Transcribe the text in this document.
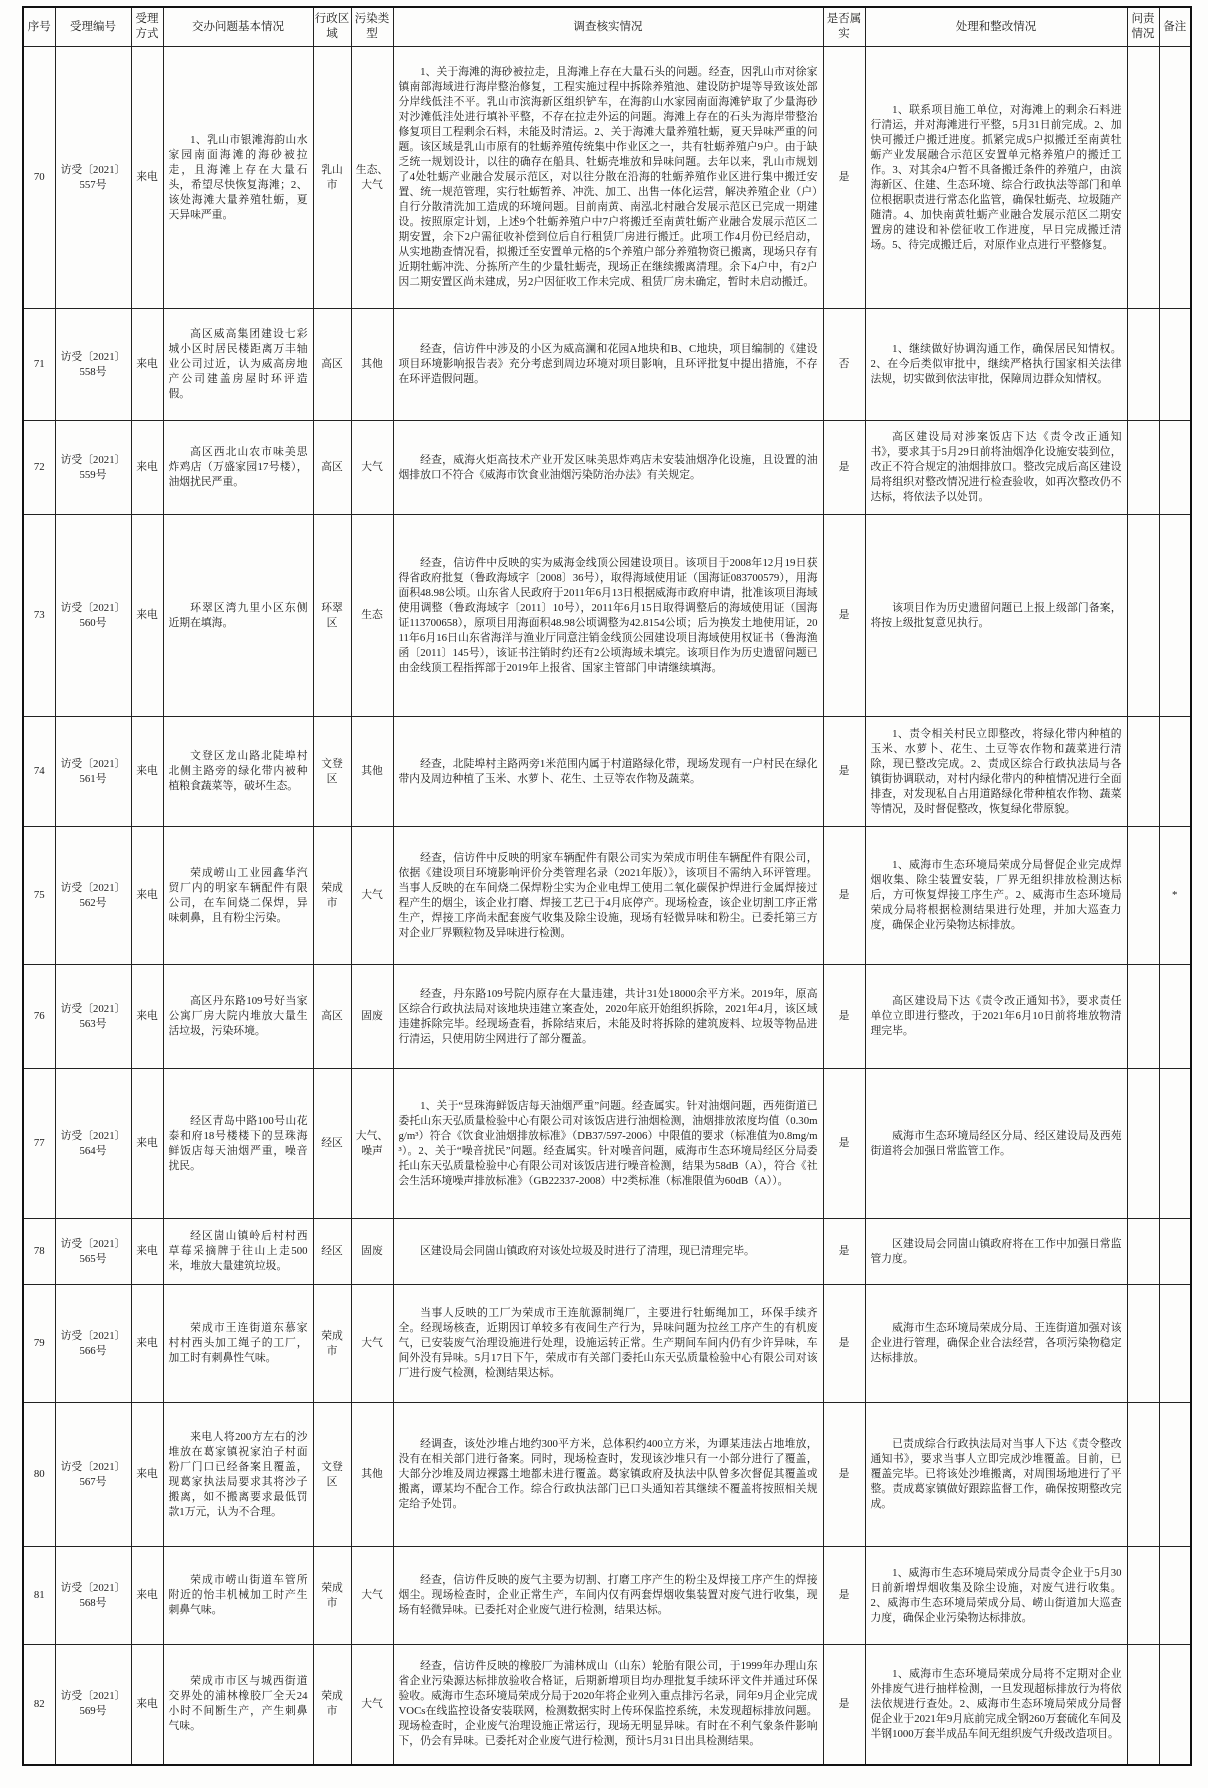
序号	受理编号	受理方式	交办问题基本情况	行政区域	污染类型	调查核实情况	是否属实	处理和整改情况	问责情况	备注
70	访受〔2021〕557号	来电	1、乳山市银滩海韵山水家园南面海滩的海砂被拉走，且海滩上存在大量石头，希望尽快恢复海滩；2、该处海滩大量养殖牡蛎，夏天异味严重。	乳山市	生态、大气	1、关于海滩的海砂被拉走，且海滩上存在大量石头的问题。经查，因乳山市对徐家镇南部海域进行海岸整治修复，工程实施过程中拆除养殖池、建设防护堤等导致该处部分岸线低洼不平。乳山市滨海新区组织铲车，在海韵山水家园南面海滩铲取了少量海砂对沙滩低洼处进行填补平整，不存在拉走外运的问题。海滩上存在的石头为海岸带整治修复项目工程剩余石料，未能及时清运。2、关于海滩大量养殖牡蛎，夏天异味严重的问题。该区域是乳山市原有的牡蛎养殖传统集中作业区之一，共有牡蛎养殖户9户。由于缺乏统一规划设计，以往的确存在船具、牡蛎壳堆放和异味问题。去年以来，乳山市规划了4处牡蛎产业融合发展示范区，对以往分散在沿海的牡蛎养殖作业区进行集中搬迁安置、统一规范管理，实行牡蛎暂养、冲洗、加工、出售一体化运营，解决养殖企业（户）自行分散清洗加工造成的环境问题。目前南黄、南泓北村融合发展示范区已完成一期建设。按照原定计划，上述9个牡蛎养殖户中7户将搬迁至南黄牡蛎产业融合发展示范区二期安置，余下2户需征收补偿到位后自行租赁厂房进行搬迁。此项工作4月份已经启动，从实地勘查情况看，拟搬迁至安置单元格的5个养殖户部分养殖物资已搬离，现场只存有近期牡蛎冲洗、分拣所产生的少量牡蛎壳，现场正在继续搬离清理。余下4户中，有2户因二期安置区尚未建成，另2户因征收工作未完成、租赁厂房未确定，暂时未启动搬迁。	是	1、联系项目施工单位，对海滩上的剩余石料进行清运，并对海滩进行平整，5月31日前完成。2、加快可搬迁户搬迁进度。抓紧完成5户拟搬迁至南黄牡蛎产业发展融合示范区安置单元格养殖户的搬迁工作。3、对其余4户暂不具备搬迁条件的养殖户，由滨海新区、住建、生态环境、综合行政执法等部门和单位根据职责进行常态化监管，确保牡蛎壳、垃圾随产随清。4、加快南黄牡蛎产业融合发展示范区二期安置房的建设和补偿征收工作进度，早日完成搬迁清场。5、待完成搬迁后，对原作业点进行平整修复。		
71	访受〔2021〕558号	来电	高区威高集团建设七彩城小区时居民楼距离万丰轴业公司过近，认为威高房地产公司建盖房屋时环评造假。	高区	其他	经查，信访件中涉及的小区为威高澜和花园A地块和B、C地块，项目编制的《建设项目环境影响报告表》充分考虑到周边环境对项目影响，且环评批复中提出措施，不存在环评造假问题。	否	1、继续做好协调沟通工作，确保居民知情权。2、在今后类似审批中，继续严格执行国家相关法律法规，切实做到依法审批，保障周边群众知情权。		
72	访受〔2021〕559号	来电	高区西北山农市味美思炸鸡店（万盛家园17号楼），油烟扰民严重。	高区	大气	经查，威海火炬高技术产业开发区味美思炸鸡店未安装油烟净化设施，且设置的油烟排放口不符合《威海市饮食业油烟污染防治办法》有关规定。	是	高区建设局对涉案饭店下达《责令改正通知书》，要求其于5月29日前将油烟净化设施安装到位，改正不符合规定的油烟排放口。整改完成后高区建设局将组织对整改情况进行检查验收，如再次整改仍不达标，将依法予以处罚。		
73	访受〔2021〕560号	来电	环翠区湾九里小区东侧近期在填海。	环翠区	生态	经查，信访件中反映的实为威海金线顶公园建设项目。该项目于2008年12月19日获得省政府批复（鲁政海域字〔2008〕36号），取得海域使用证（国海证083700579），用海面积48.98公顷。山东省人民政府于2011年6月13日根据威海市政府申请，批准该项目海域使用调整（鲁政海域字〔2011〕10号），2011年6月15日取得调整后的海域使用证（国海证113700658），原项目用海面积48.98公顷调整为42.8154公顷；后为换发土地使用证，2011年6月16日山东省海洋与渔业厅同意注销金线顶公园建设项目海域使用权证书（鲁海渔函〔2011〕145号），该证书注销时约还有2公顷海域未填完。该项目作为历史遗留问题已由金线顶工程指挥部于2019年上报省、国家主管部门申请继续填海。	是	该项目作为历史遗留问题已上报上级部门备案，将按上级批复意见执行。		
74	访受〔2021〕561号	来电	文登区龙山路北陡埠村北侧主路旁的绿化带内被种植粮食蔬菜等，破坏生态。	文登区	其他	经查，北陡埠村主路两旁1米范围内属于村道路绿化带，现场发现有一户村民在绿化带内及周边种植了玉米、水萝卜、花生、土豆等农作物及蔬菜。	是	1、责令相关村民立即整改，将绿化带内种植的玉米、水萝卜、花生、土豆等农作物和蔬菜进行清除，现已整改完成。2、责成区综合行政执法局与各镇街协调联动，对村内绿化带内的种植情况进行全面排查，对发现私自占用道路绿化带种植农作物、蔬菜等情况，及时督促整改，恢复绿化带原貌。		
75	访受〔2021〕562号	来电	荣成崂山工业园鑫华汽贸厂内的明家车辆配件有限公司，在车间烧二保焊，异味刺鼻，且有粉尘污染。	荣成市	大气	经查，信访件中反映的明家车辆配件有限公司实为荣成市明佳车辆配件有限公司，依据《建设项目环境影响评价分类管理名录（2021年版）》，该项目不需纳入环评管理。当事人反映的在车间烧二保焊粉尘实为企业电焊工使用二氧化碳保护焊进行金属焊接过程产生的烟尘，该企业打磨、焊接工艺已于4月底停产。现场检查，该企业切割工序正常生产，焊接工序尚未配套废气收集及除尘设施，现场有轻微异味和粉尘。已委托第三方对企业厂界颗粒物及异味进行检测。	是	1、威海市生态环境局荣成分局督促企业完成焊烟收集、除尘装置安装，厂界无组织排放检测达标后，方可恢复焊接工序生产。2、威海市生态环境局荣成分局将根据检测结果进行处理，并加大巡查力度，确保企业污染物达标排放。		*
76	访受〔2021〕563号	来电	高区丹东路109号好当家公寓厂房大院内堆放大量生活垃圾，污染环境。	高区	固废	经查，丹东路109号院内原存在大量违建，共计31处18000余平方米。2019年，原高区综合行政执法局对该地块违建立案查处，2020年底开始组织拆除，2021年4月，该区域违建拆除完毕。经现场查看，拆除结束后，未能及时将拆除的建筑废料、垃圾等物品进行清运，只使用防尘网进行了部分覆盖。	是	高区建设局下达《责令改正通知书》，要求责任单位立即进行整改，于2021年6月10日前将堆放物清理完毕。		
77	访受〔2021〕564号	来电	经区青岛中路100号山花泰和府18号楼楼下的昱珠海鲜饭店每天油烟严重，噪音扰民。	经区	大气、噪声	1、关于“昱珠海鲜饭店每天油烟严重”问题。经查属实。针对油烟问题，西苑街道已委托山东天弘质量检验中心有限公司对该饭店进行油烟检测，油烟排放浓度均值（0.30mg/m³）符合《饮食业油烟排放标准》（DB37/597-2006）中限值的要求（标准值为0.8mg/m³）。2、关于“噪音扰民”问题。经查属实。针对噪音问题，威海市生态环境局经区分局委托山东天弘质量检验中心有限公司对该饭店进行噪音检测，结果为58dB（A），符合《社会生活环境噪声排放标准》（GB22337-2008）中2类标准（标准限值为60dB（A））。	是	威海市生态环境局经区分局、经区建设局及西苑街道将会加强日常监管工作。		
78	访受〔2021〕565号	来电	经区崮山镇岭后村村西草莓采摘牌于往山上走500米，堆放大量建筑垃圾。	经区	固废	区建设局会同崮山镇政府对该处垃圾及时进行了清理，现已清理完毕。	是	区建设局会同崮山镇政府将在工作中加强日常监管力度。		
79	访受〔2021〕566号	来电	荣成市王连街道东慕家村村西头加工绳子的工厂，加工时有刺鼻性气味。	荣成市	大气	当事人反映的工厂为荣成市王连航源制绳厂，主要进行牡蛎绳加工，环保手续齐全。经现场核查，近期因订单较多有夜间生产行为，异味问题为拉丝工序产生的有机废气，已安装废气治理设施进行处理，设施运转正常。生产期间车间内仍有少许异味，车间外没有异味。5月17日下午，荣成市有关部门委托山东天弘质量检验中心有限公司对该厂进行废气检测，检测结果达标。	是	威海市生态环境局荣成分局、王连街道加强对该企业进行管理，确保企业合法经营，各项污染物稳定达标排放。		
80	访受〔2021〕567号	来电	来电人将200方左右的沙堆放在葛家镇祝家泊子村面粉厂门口已经备案且覆盖，现葛家执法局要求其将沙子搬离，如不搬离要求最低罚款1万元，认为不合理。	文登区	其他	经调查，该处沙堆占地约300平方米，总体积约400立方米，为谭某违法占地堆放，没有在相关部门进行备案。同时，现场检查时，发现该沙堆只有一小部分进行了覆盖，大部分沙堆及周边裸露土地都未进行覆盖。葛家镇政府及执法中队曾多次督促其覆盖或搬离，谭某均不配合工作。综合行政执法部门已口头通知若其继续不覆盖将按照相关规定给予处罚。	是	已责成综合行政执法局对当事人下达《责令整改通知书》，要求当事人立即完成沙堆覆盖。目前，已覆盖完毕。已将该处沙堆搬离，对周围场地进行了平整。责成葛家镇做好跟踪监督工作，确保按期整改完成。		
81	访受〔2021〕568号	来电	荣成市崂山街道车管所附近的怡丰机械加工时产生刺鼻气味。	荣成市	大气	经查，信访件反映的废气主要为切割、打磨工序产生的粉尘及焊接工序产生的焊接烟尘。现场检查时，企业正常生产，车间内仅有两套焊烟收集装置对废气进行收集，现场有轻微异味。已委托对企业废气进行检测，结果达标。	是	1、威海市生态环境局荣成分局责令企业于5月30日前新增焊烟收集及除尘设施，对废气进行收集。2、威海市生态环境局荣成分局、崂山街道加大巡查力度，确保企业污染物达标排放。		
82	访受〔2021〕569号	来电	荣成市市区与城西街道交界处的浦林橡胶厂全天24小时不间断生产，产生刺鼻气味。	荣成市	大气	经查，信访件反映的橡胶厂为浦林成山（山东）轮胎有限公司，于1999年办理山东省企业污染源达标排放验收合格证，后期新增项目均办理批复手续环评文件并通过环保验收。威海市生态环境局荣成分局于2020年将企业列入重点排污名录，同年9月企业完成VOCs在线监控设备安装联网，检测数据实时上传环保监控系统，未发现超标排放问题。现场检查时，企业废气治理设施正常运行，现场无明显异味。有时在不利气象条件影响下，仍会有异味。已委托对企业废气进行检测，预计5月31日出具检测结果。	是	1、威海市生态环境局荣成分局将不定期对企业外排废气进行抽样检测，一旦发现超标排放行为将依法依规进行查处。2、威海市生态环境局荣成分局督促企业于2021年9月底前完成全钢260万套硫化车间及半钢1000万套半成品车间无组织废气升级改造项目。		
